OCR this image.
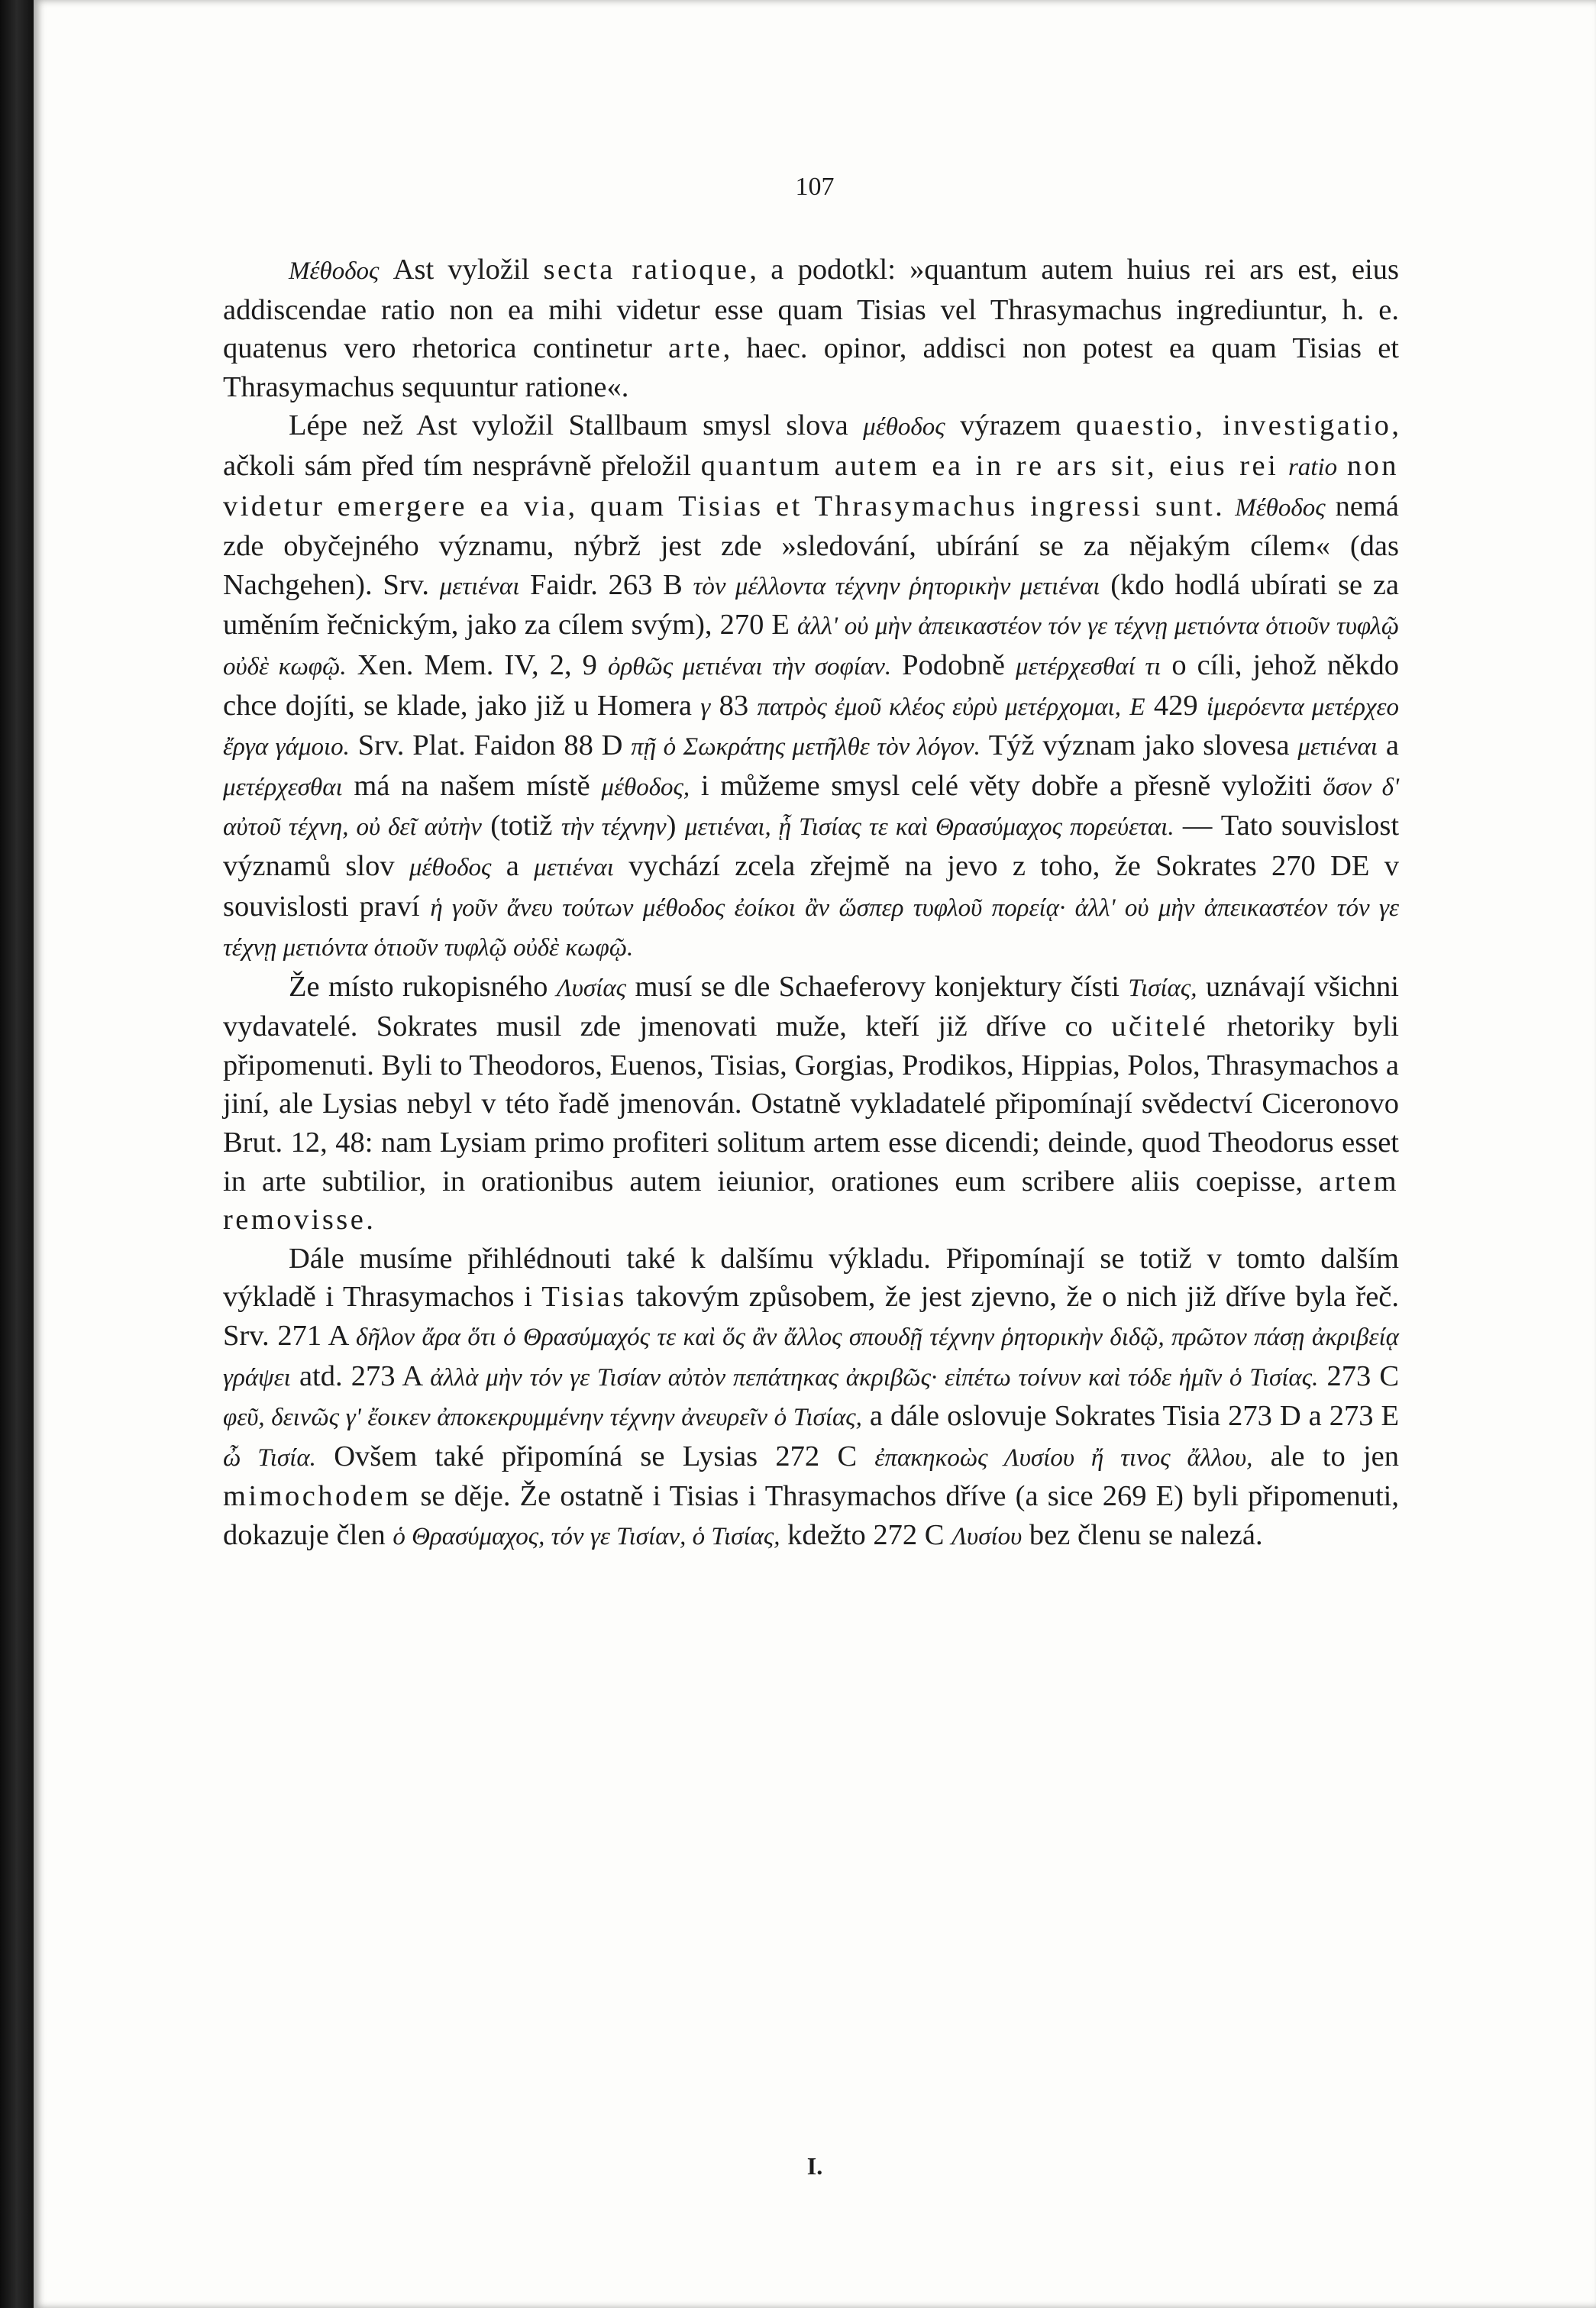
107

Μέθοδος Ast vyložil secta ratioque, a podotkl: »quantum autem huius rei ars est, eius addiscendae ratio non ea mihi videtur esse quam Tisias vel Thrasymachus ingrediuntur, h. e. quatenus vero rhetorica continetur arte, haec. opinor, addisci non potest ea quam Tisias et Thrasymachus sequuntur ratione«.

Lépe než Ast vyložil Stallbaum smysl slova μέθοδος výrazem quaestio, investigatio, ačkoli sám před tím nesprávně přeložil quantum autem ea in re ars sit, eius rei ratio non videtur emergere ea via, quam Tisias et Thrasymachus ingressi sunt. Μέθοδος nemá zde obyčejného významu, nýbrž jest zde »sledování, ubírání se za nějakým cílem« (das Nachgehen). Srv. μετιέναι Faidr. 263 B τὸν μέλλοντα τέχνην ῥητορικὴν μετιέναι (kdo hodlá ubírati se za uměním řečnickým, jako za cílem svým), 270 E ἀλλ' οὐ μὴν ἀπεικαστέον τόν γε τέχνῃ μετιόντα ὁτιοῦν τυφλῷ οὐδὲ κωφῷ. Xen. Mem. IV, 2, 9 ὀρθῶς μετιέναι τὴν σοφίαν. Podobně μετέρχεσθαί τι o cíli, jehož někdo chce dojíti, se klade, jako již u Homera γ 83 πατρὸς ἐμοῦ κλέος εὐρὺ μετέρχομαι, Ε 429 ἱμερόεντα μετέρχεο ἔργα γάμοιο. Srv. Plat. Faidon 88 D πῇ ὁ Σωκράτης μετῆλθε τὸν λόγον. Týž význam jako slovesa μετιέναι a μετέρχεσθαι má na našem místě μέθοδος, i můžeme smysl celé věty dobře a přesně vyložiti ὅσον δ' αὐτοῦ τέχνη, οὐ δεῖ αὐτὴν (totiž τὴν τέχνην) μετιέναι, ᾗ Τισίας τε καὶ Θρασύμαχος πορεύεται. — Tato souvislost významů slov μέθοδος a μετιέναι vychází zcela zřejmě na jevo z toho, že Sokrates 270 DE v souvislosti praví ἡ γοῦν ἄνευ τούτων μέθοδος ἐοίκοι ἂν ὥσπερ τυφλοῦ πορείᾳ· ἀλλ' οὐ μὴν ἀπεικαστέον τόν γε τέχνῃ μετιόντα ὁτιοῦν τυφλῷ οὐδὲ κωφῷ.

Že místo rukopisného Λυσίας musí se dle Schaeferovy konjektury čísti Τισίας, uznávají všichni vydavatelé. Sokrates musil zde jmenovati muže, kteří již dříve co učitelé rhetoriky byli připomenuti. Byli to Theodoros, Euenos, Tisias, Gorgias, Prodikos, Hippias, Polos, Thrasymachos a jiní, ale Lysias nebyl v této řadě jmenován. Ostatně vykladatelé připomínají svědectví Ciceronovo Brut. 12, 48: nam Lysiam primo profiteri solitum artem esse dicendi; deinde, quod Theodorus esset in arte subtilior, in orationibus autem ieiunior, orationes eum scribere aliis coepisse, artem removisse.

Dále musíme přihlédnouti také k dalšímu výkladu. Připomínají se totiž v tomto dalším výkladě i Thrasymachos i Tisias takovým způsobem, že jest zjevno, že o nich již dříve byla řeč. Srv. 271 A δῆλον ἄρα ὅτι ὁ Θρασύμαχός τε καὶ ὅς ἂν ἄλλος σπουδῇ τέχνην ῥητορικὴν διδῷ, πρῶτον πάσῃ ἀκριβείᾳ γράψει atd. 273 A ἀλλὰ μὴν τόν γε Τισίαν αὐτὸν πεπάτηκας ἀκριβῶς· εἰπέτω τοίνυν καὶ τόδε ἡμῖν ὁ Τισίας. 273 C φεῦ, δεινῶς γ' ἔοικεν ἀποκεκρυμμένην τέχνην ἀνευρεῖν ὁ Τισίας, a dále oslovuje Sokrates Tisia 273 D a 273 E ὦ Τισία. Ovšem také připomíná se Lysias 272 C ἐπακηκοὼς Λυσίου ἤ τινος ἄλλου, ale to jen mimochodem se děje. Že ostatně i Tisias i Thrasymachos dříve (a sice 269 E) byli připomenuti, dokazuje člen ὁ Θρασύμαχος, τόν γε Τισίαν, ὁ Τισίας, kdežto 272 C Λυσίου bez členu se nalezá.

I.
